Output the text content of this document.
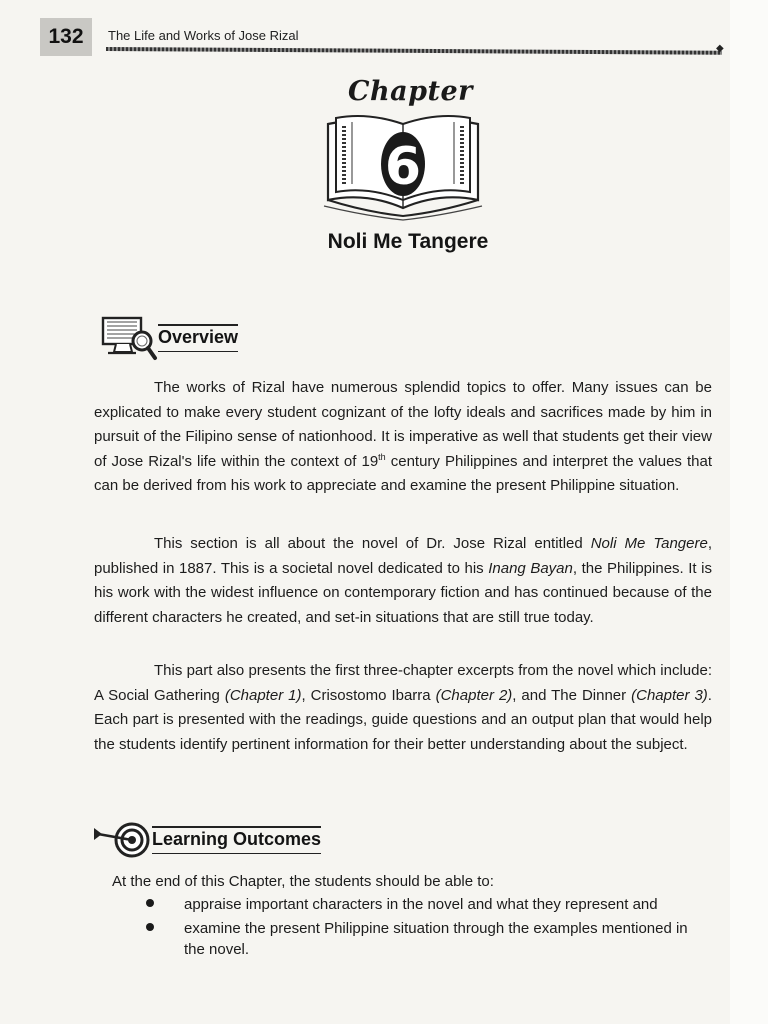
132	The Life and Works of Jose Rizal
◆
Chapter
6
Noli Me Tangere
Overview

The works of Rizal have numerous splendid topics to offer. Many issues can be explicated to make every student cognizant of the lofty ideals and sacrifices made by him in pursuit of the Filipino sense of nationhood. It is imperative as well that students get their view of Jose Rizal's life within the context of 19th century Philippines and interpret the values that can be derived from his work to appreciate and examine the present Philippine situation.

This section is all about the novel of Dr. Jose Rizal entitled Noli Me Tangere, published in 1887. This is a societal novel dedicated to his Inang Bayan, the Philippines. It is his work with the widest influence on contemporary fiction and has continued because of the different characters he created, and set-in situations that are still true today.

This part also presents the first three-chapter excerpts from the novel which include: A Social Gathering (Chapter 1), Crisostomo Ibarra (Chapter 2), and The Dinner (Chapter 3). Each part is presented with the readings, guide questions and an output plan that would help the students identify pertinent information for their better understanding about the subject.

Learning Outcomes
At the end of this Chapter, the students should be able to:
appraise important characters in the novel and what they represent and
examine the present Philippine situation through the examples mentioned in the novel.
